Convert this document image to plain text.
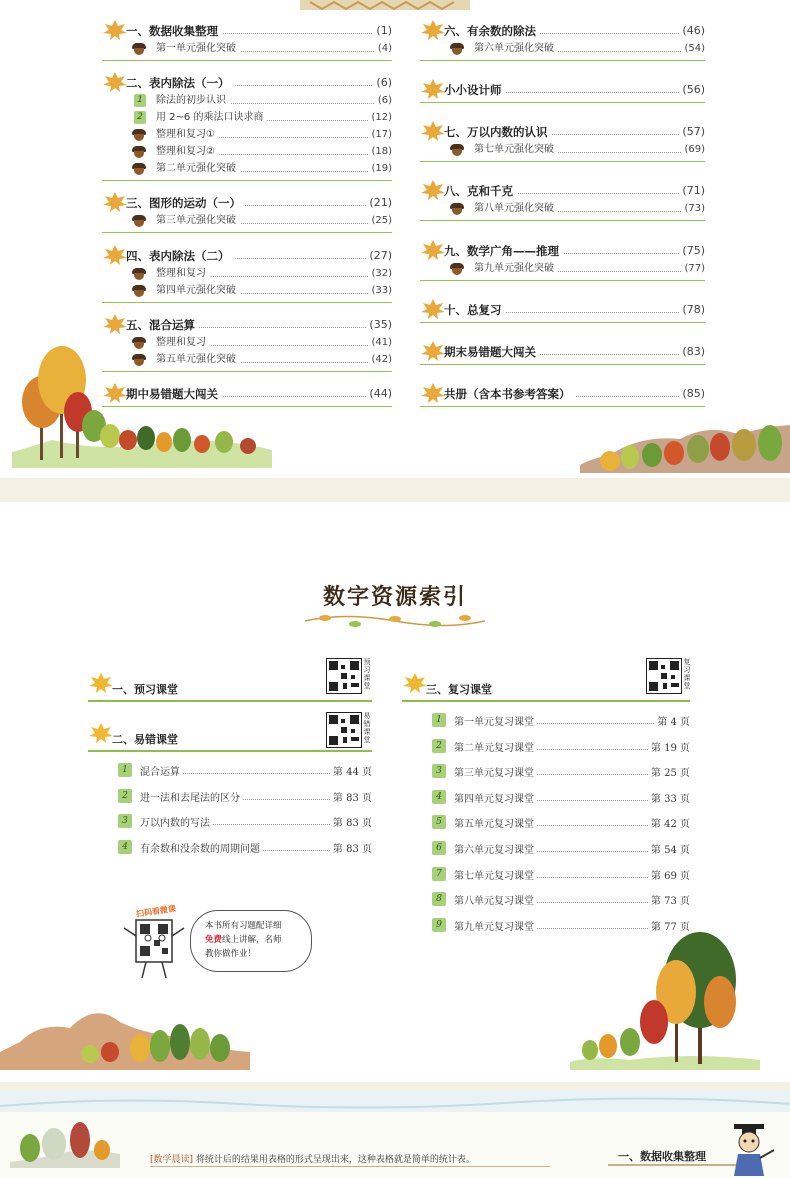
一、数据收集整理	(1)
第一单元强化突破	(4)
二、表内除法（一）	(6)
1	除法的初步认识	(6)
2	用 2~6 的乘法口诀求商	(12)
整理和复习①	(17)
整理和复习②	(18)
第二单元强化突破	(19)
三、图形的运动（一）	(21)
第三单元强化突破	(25)
四、表内除法（二）	(27)
整理和复习	(32)
第四单元强化突破	(33)
五、混合运算	(35)
整理和复习	(41)
第五单元强化突破	(42)
期中易错题大闯关	(44)
六、有余数的除法	(46)
第六单元强化突破	(54)
小小设计师	(56)
七、万以内数的认识	(57)
第七单元强化突破	(69)
八、克和千克	(71)
第八单元强化突破	(73)
九、数学广角——推理	(75)
第九单元强化突破	(77)
十、总复习	(78)
期末易错题大闯关	(83)
共册（含本书参考答案）	(85)
数字资源索引
一、预习课堂	预习课堂
二、易错课堂	易错课堂
1	混合运算	第 44 页
2	进一法和去尾法的区分	第 83 页
3	万以内数的写法	第 83 页
4	有余数和没余数的周期问题	第 83 页
三、复习课堂	复习课堂
1	第一单元复习课堂	第 4 页
2	第二单元复习课堂	第 19 页
3	第三单元复习课堂	第 25 页
4	第四单元复习课堂	第 33 页
5	第五单元复习课堂	第 42 页
6	第六单元复习课堂	第 54 页
7	第七单元复习课堂	第 69 页
8	第八单元复习课堂	第 73 页
9	第九单元复习课堂	第 77 页
扫码看微课
本书所有习题配详细
免费线上讲解，名师
教你做作业！
[数学晨读] 将统计后的结果用表格的形式呈现出来，这种表格就是简单的统计表。	一、数据收集整理
